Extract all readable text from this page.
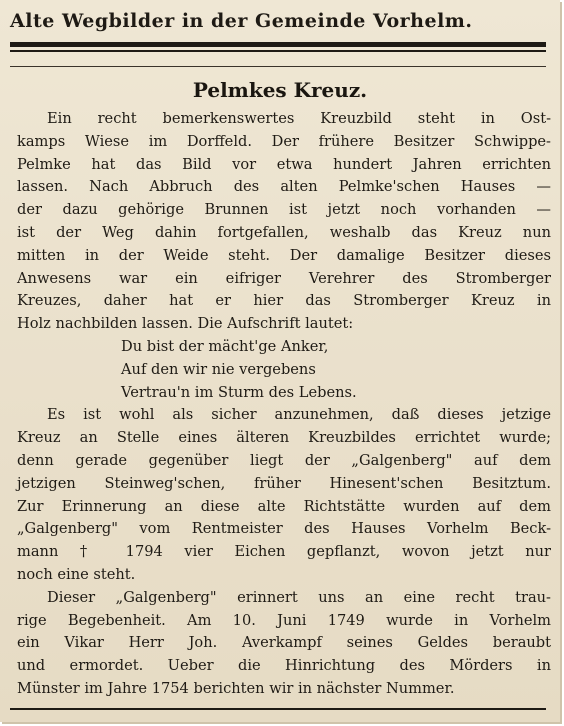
Alte Wegbilder in der Gemeinde Vorhelm.
Pelmkes Kreuz.
Ein recht bemerkenswertes Kreuzbild steht in Ost-
kamps Wiese im Dorffeld. Der frühere Besitzer Schwippe-
Pelmke hat das Bild vor etwa hundert Jahren errichten
lassen. Nach Abbruch des alten Pelmke'schen Hauses —
der dazu gehörige Brunnen ist jetzt noch vorhanden —
ist der Weg dahin fortgefallen, weshalb das Kreuz nun
mitten in der Weide steht. Der damalige Besitzer dieses
Anwesens war ein eifriger Verehrer des Stromberger
Kreuzes, daher hat er hier das Stromberger Kreuz in
Holz nachbilden lassen. Die Aufschrift lautet:
Du bist der mächt'ge Anker,
Auf den wir nie vergebens
Vertrau'n im Sturm des Lebens.
Es ist wohl als sicher anzunehmen, daß dieses jetzige
Kreuz an Stelle eines älteren Kreuzbildes errichtet wurde;
denn gerade gegenüber liegt der „Galgenberg" auf dem
jetzigen Steinweg'schen, früher Hinesent'schen Besitztum.
Zur Erinnerung an diese alte Richtstätte wurden auf dem
„Galgenberg" vom Rentmeister des Hauses Vorhelm Beck-
mann † 1794 vier Eichen gepflanzt, wovon jetzt nur
noch eine steht.
Dieser „Galgenberg" erinnert uns an eine recht trau-
rige Begebenheit. Am 10. Juni 1749 wurde in Vorhelm
ein Vikar Herr Joh. Averkampf seines Geldes beraubt
und ermordet. Ueber die Hinrichtung des Mörders in
Münster im Jahre 1754 berichten wir in nächster Nummer.
